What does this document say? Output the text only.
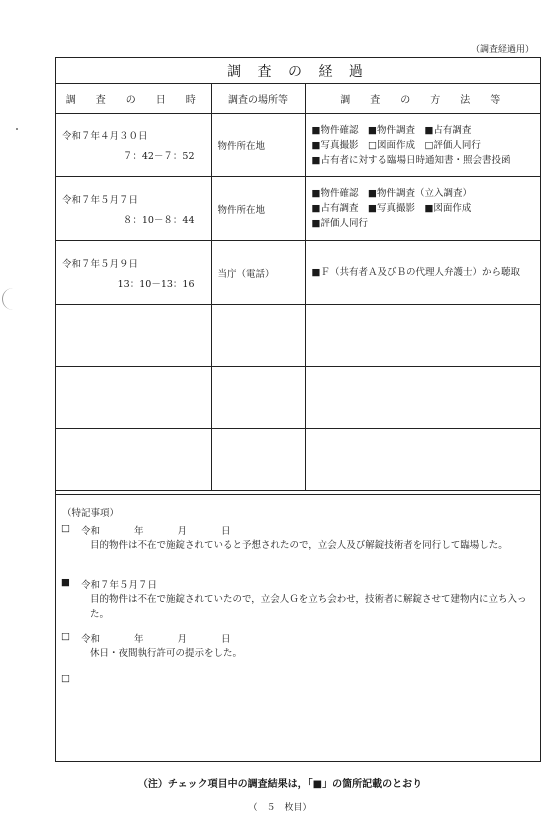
（調査経過用）
調 査 の 経 過
調　査　の　日　時	調査の場所等	調　査　の　方　法　等

令和７年４月３０日
７：42－７：52	物件所在地	■物件確認　■物件調査　■占有調査
■写真撮影　□図面作成　□評価人同行
■占有者に対する臨場日時通知書・照会書投函

令和７年５月７日
８：10－８：44	物件所在地	■物件確認　■物件調査（立入調査）
■占有調査　■写真撮影　■図面作成
■評価人同行

令和７年５月９日
13：10－13：16	当庁（電話）	■Ｆ（共有者Ａ及びＢの代理人弁護士）から聴取

（特記事項）
□ 令和	年	月	日
目的物件は不在で施錠されていると予想されたので，立会人及び解錠技術者を同行して臨場した。
■ 令和７年５月７日
目的物件は不在で施錠されていたので，立会人Ｇを立ち会わせ，技術者に解錠させて建物内に立ち入った。
□ 令和	年	月	日
休日・夜間執行許可の提示をした。
□
（注）チェック項目中の調査結果は，「■」の箇所記載のとおり
（　５　枚目）
